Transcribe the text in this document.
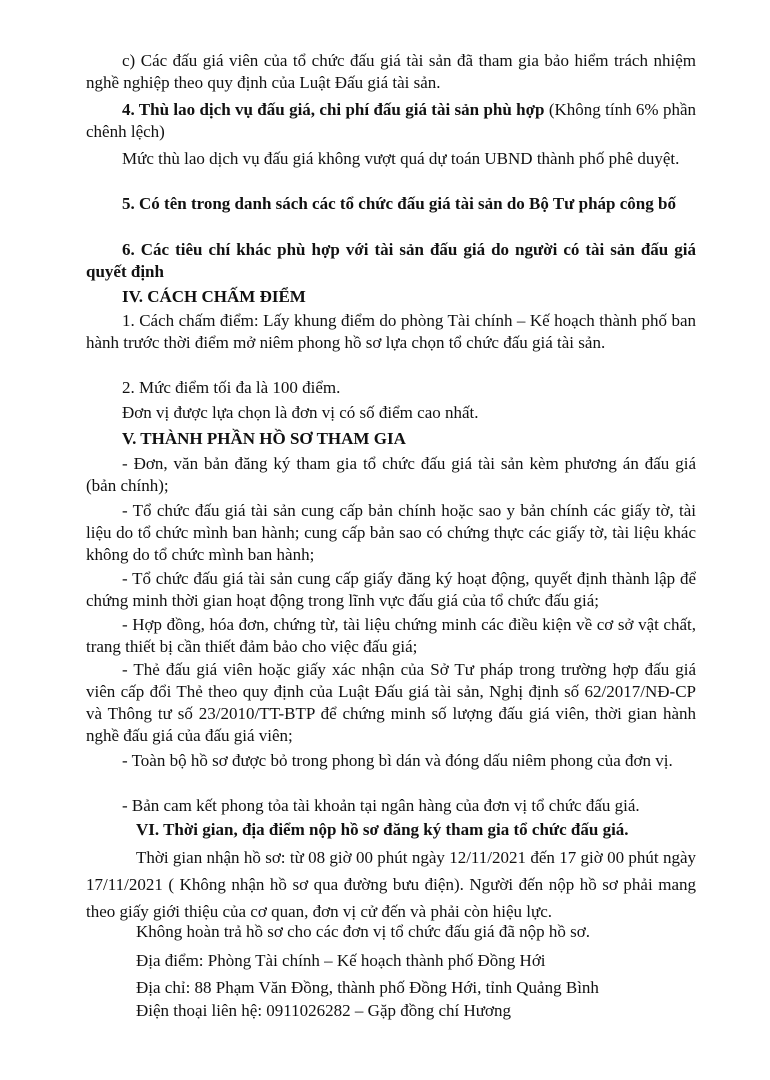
c) Các đấu giá viên của tổ chức đấu giá tài sản đã tham gia bảo hiểm trách nhiệm nghề nghiệp theo quy định của Luật Đấu giá tài sản.

4. Thù lao dịch vụ đấu giá, chi phí đấu giá tài sản phù hợp (Không tính 6% phần chênh lệch)

Mức thù lao dịch vụ đấu giá không vượt quá dự toán UBND thành phố phê duyệt.

5. Có tên trong danh sách các tổ chức đấu giá tài sản do Bộ Tư pháp công bố

6. Các tiêu chí khác phù hợp với tài sản đấu giá do người có tài sản đấu giá quyết định

IV. CÁCH CHẤM ĐIỂM

1. Cách chấm điểm: Lấy khung điểm do phòng Tài chính – Kế hoạch thành phố ban hành trước thời điểm mở niêm phong hồ sơ lựa chọn tổ chức đấu giá tài sản.

2. Mức điểm tối đa là 100 điểm.

Đơn vị được lựa chọn là đơn vị có số điểm cao nhất.

V. THÀNH PHẦN HỒ SƠ THAM GIA

- Đơn, văn bản đăng ký tham gia tổ chức đấu giá tài sản kèm phương án đấu giá (bản chính);

- Tổ chức đấu giá tài sản cung cấp bản chính hoặc sao y bản chính các giấy tờ, tài liệu do tổ chức mình ban hành; cung cấp bản sao có chứng thực các giấy tờ, tài liệu khác không do tổ chức mình ban hành;

- Tổ chức đấu giá tài sản cung cấp giấy đăng ký hoạt động, quyết định thành lập để chứng minh thời gian hoạt động trong lĩnh vực đấu giá của tổ chức đấu giá;

- Hợp đồng, hóa đơn, chứng từ, tài liệu chứng minh các điều kiện về cơ sở vật chất, trang thiết bị cần thiết đảm bảo cho việc đấu giá;

- Thẻ đấu giá viên hoặc giấy xác nhận của Sở Tư pháp trong trường hợp đấu giá viên cấp đổi Thẻ theo quy định của Luật Đấu giá tài sản, Nghị định số 62/2017/NĐ-CP và Thông tư số 23/2010/TT-BTP để chứng minh số lượng đấu giá viên, thời gian hành nghề đấu giá của đấu giá viên;

- Toàn bộ hồ sơ được bỏ trong phong bì dán và đóng dấu niêm phong của đơn vị.

- Bản cam kết phong tỏa tài khoản tại ngân hàng của đơn vị tổ chức đấu giá.

VI. Thời gian, địa điểm nộp hồ sơ đăng ký tham gia tổ chức đấu giá.

Thời gian nhận hồ sơ: từ 08 giờ 00 phút ngày 12/11/2021 đến 17 giờ 00 phút ngày 17/11/2021 ( Không nhận hồ sơ qua đường bưu điện). Người đến nộp hồ sơ phải mang theo giấy giới thiệu của cơ quan, đơn vị cử đến và phải còn hiệu lực.

Không hoàn trả hồ sơ cho các đơn vị tổ chức đấu giá đã nộp hồ sơ.

Địa điểm: Phòng Tài chính – Kế hoạch thành phố Đồng Hới

Địa chỉ: 88 Phạm Văn Đồng, thành phố Đồng Hới, tỉnh Quảng Bình

Điện thoại liên hệ: 0911026282 – Gặp đồng chí Hương
